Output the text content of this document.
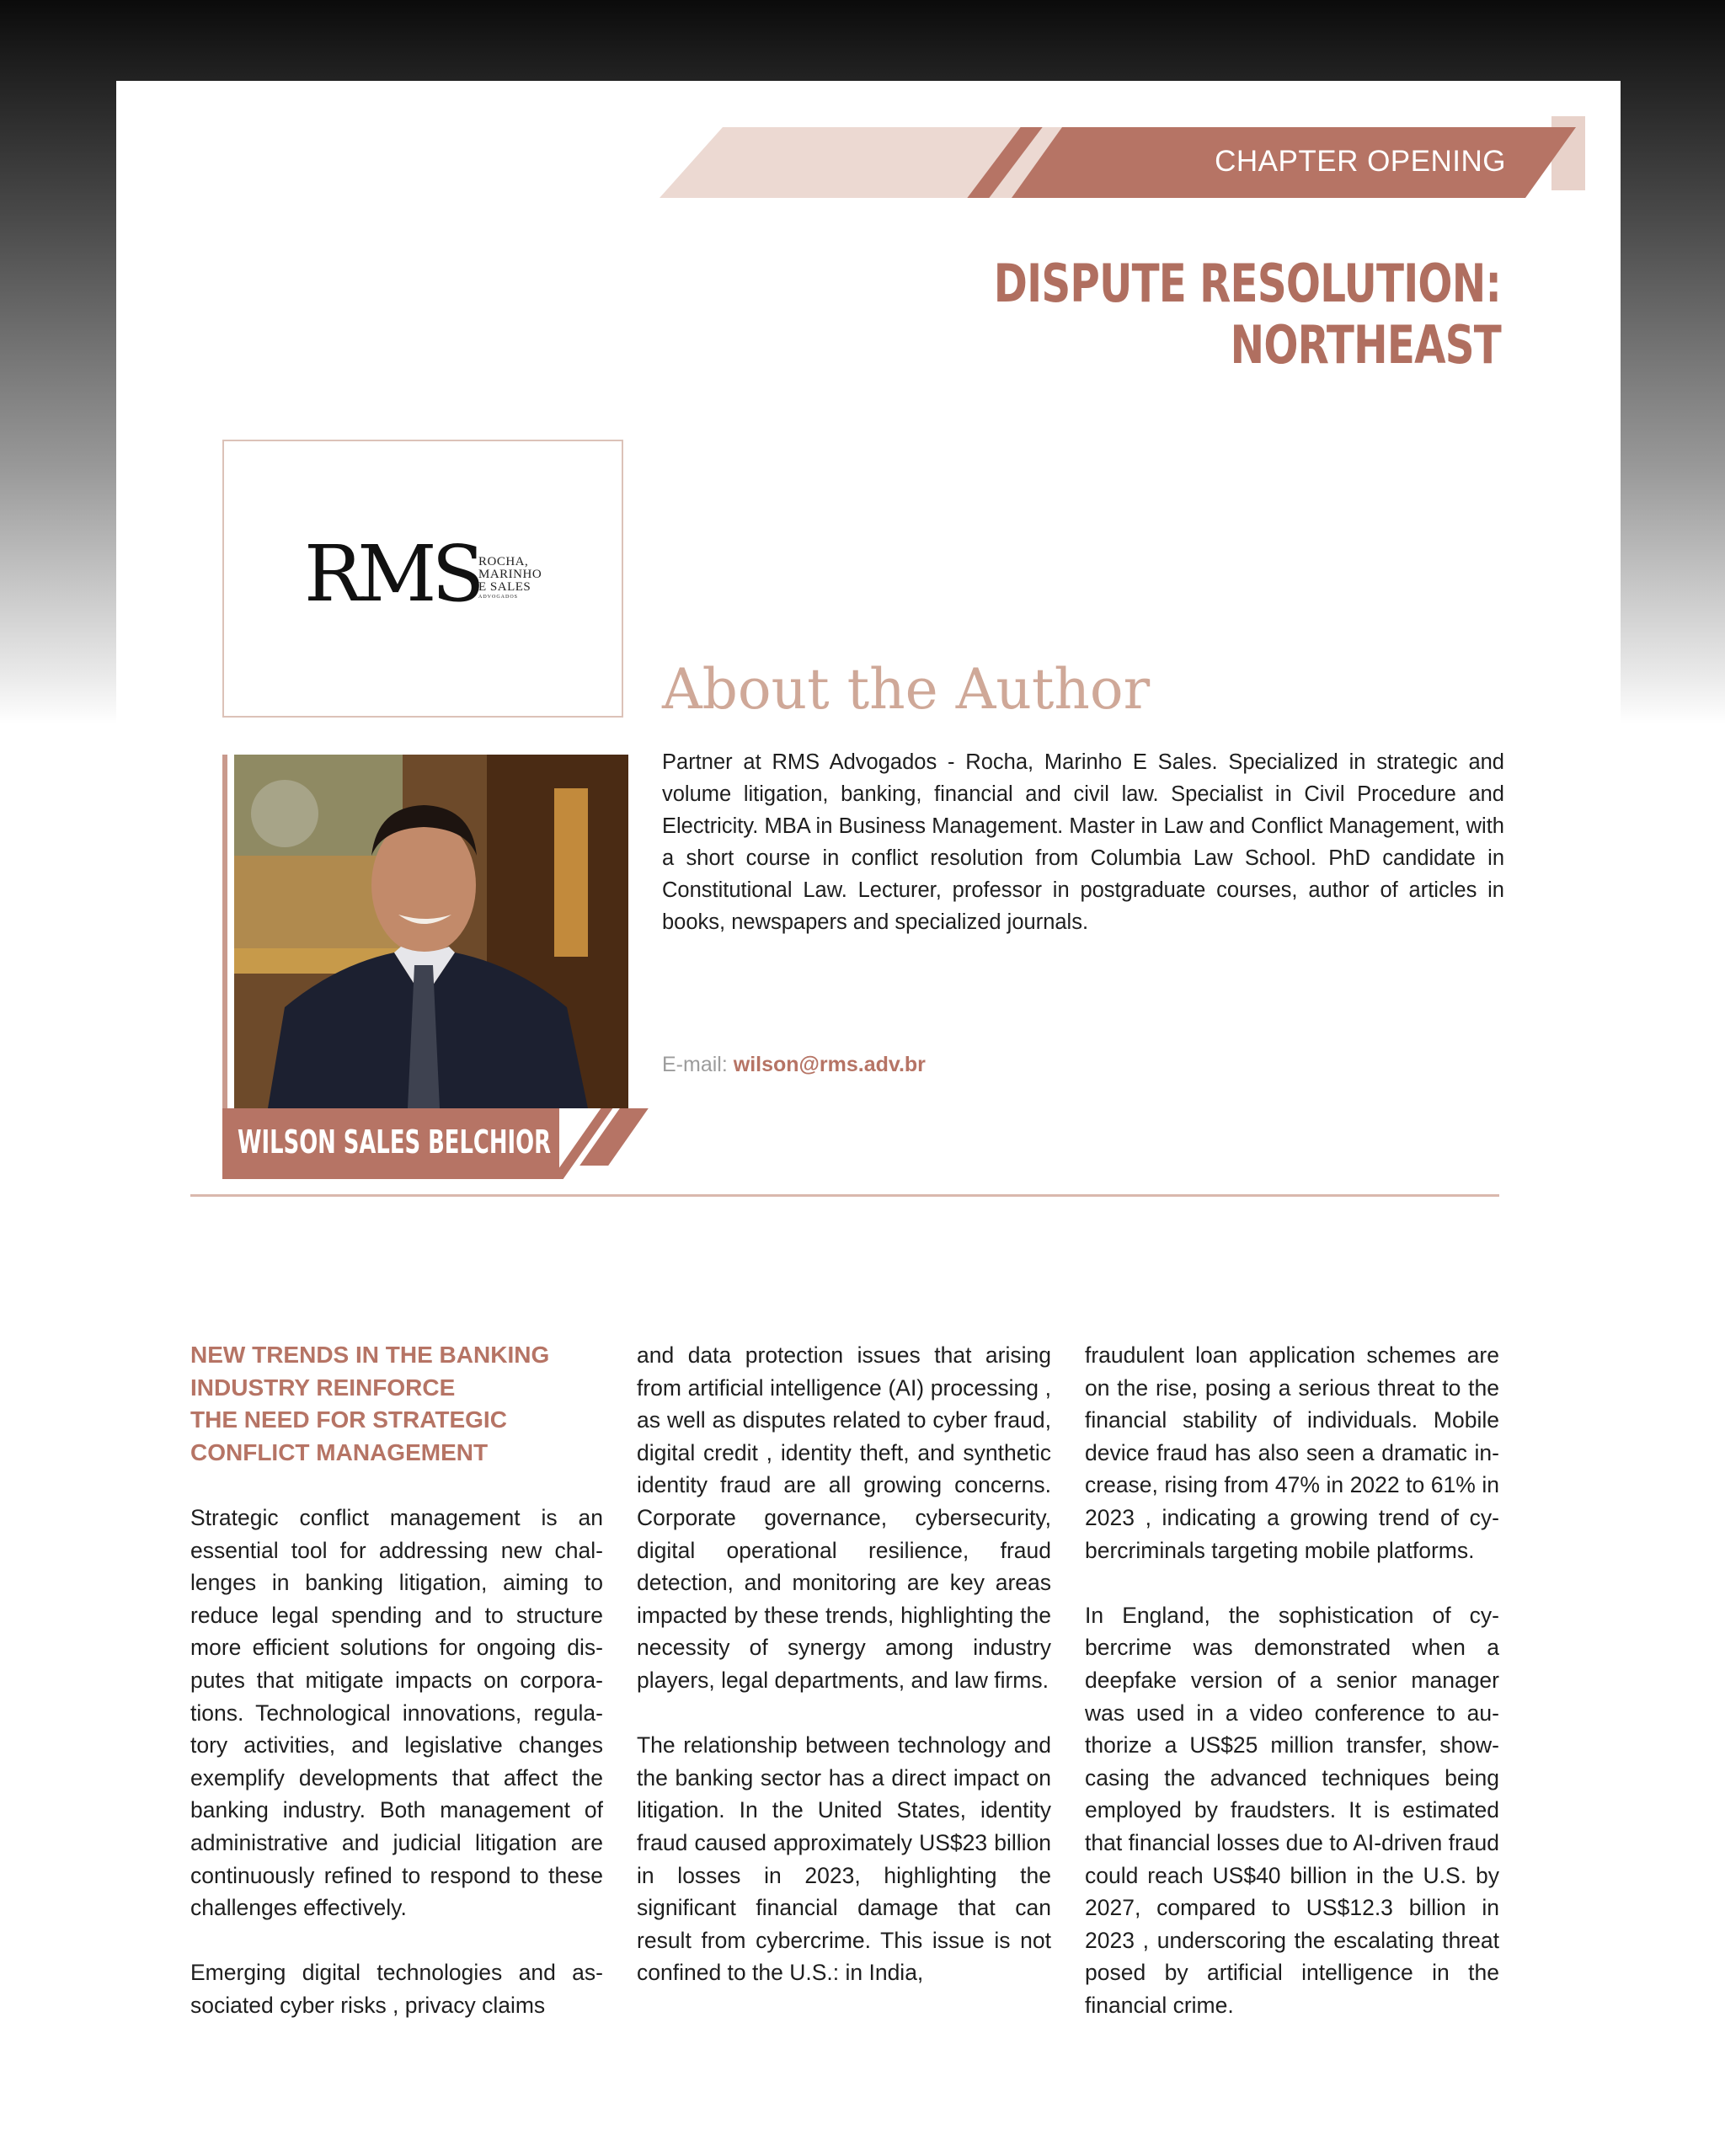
CHAPTER OPENING
DISPUTE RESOLUTION: NORTHEAST
RMS
ROCHA,
MARINHO
E SALES
ADVOGADOS
WILSON SALES BELCHIOR
About the Author
Partner at RMS Advogados - Rocha, Marinho E Sales. Specialized in strategic and volume litigation, banking, financial and civil law. Specialist in Civil Procedure and Electricity. MBA in Business Management. Master in Law and Conflict Management, with a short course in conflict resolution from Columbia Law School. PhD candidate in Constitutional Law. Lecturer, professor in postgraduate courses, author of articles in books, newspapers and specialized journals.
E-mail: wilson@rms.adv.br
NEW TRENDS IN THE BANKING
INDUSTRY REINFORCE
THE NEED FOR STRATEGIC
CONFLICT MANAGEMENT

Strategic conflict management is an essential tool for addressing new challenges in banking litigation, aiming to reduce legal spending and to structure more efficient solutions for ongoing disputes that mitigate impacts on corporations. Technological innovations, regulatory activities, and legislative changes exemplify developments that affect the banking industry. Both management of administrative and judicial litigation are continuously refined to respond to these challenges effectively.

Emerging digital technologies and associated cyber risks , privacy claims

and data protection issues that arising from artificial intelligence (AI) processing , as well as disputes related to cyber fraud, digital credit , identity theft, and synthetic identity fraud are all growing concerns. Corporate governance, cybersecurity, digital operational resilience, fraud detection, and monitoring are key areas impacted by these trends, highlighting the necessity of synergy among industry players, legal departments, and law firms.

The relationship between technology and the banking sector has a direct impact on litigation. In the United States, identity fraud caused approximately US$23 billion in losses in 2023, highlighting the significant financial damage that can result from cybercrime. This issue is not confined to the U.S.: in India,

fraudulent loan application schemes are on the rise, posing a serious threat to the financial stability of individuals. Mobile device fraud has also seen a dramatic increase, rising from 47% in 2022 to 61% in 2023 , indicating a growing trend of cybercriminals targeting mobile platforms.

In England, the sophistication of cybercrime was demonstrated when a deepfake version of a senior manager was used in a video conference to authorize a US$25 million transfer, showcasing the advanced techniques being employed by fraudsters. It is estimated that financial losses due to AI-driven fraud could reach US$40 billion in the U.S. by 2027, compared to US$12.3 billion in 2023 , underscoring the escalating threat posed by artificial intelligence in the financial crime.
